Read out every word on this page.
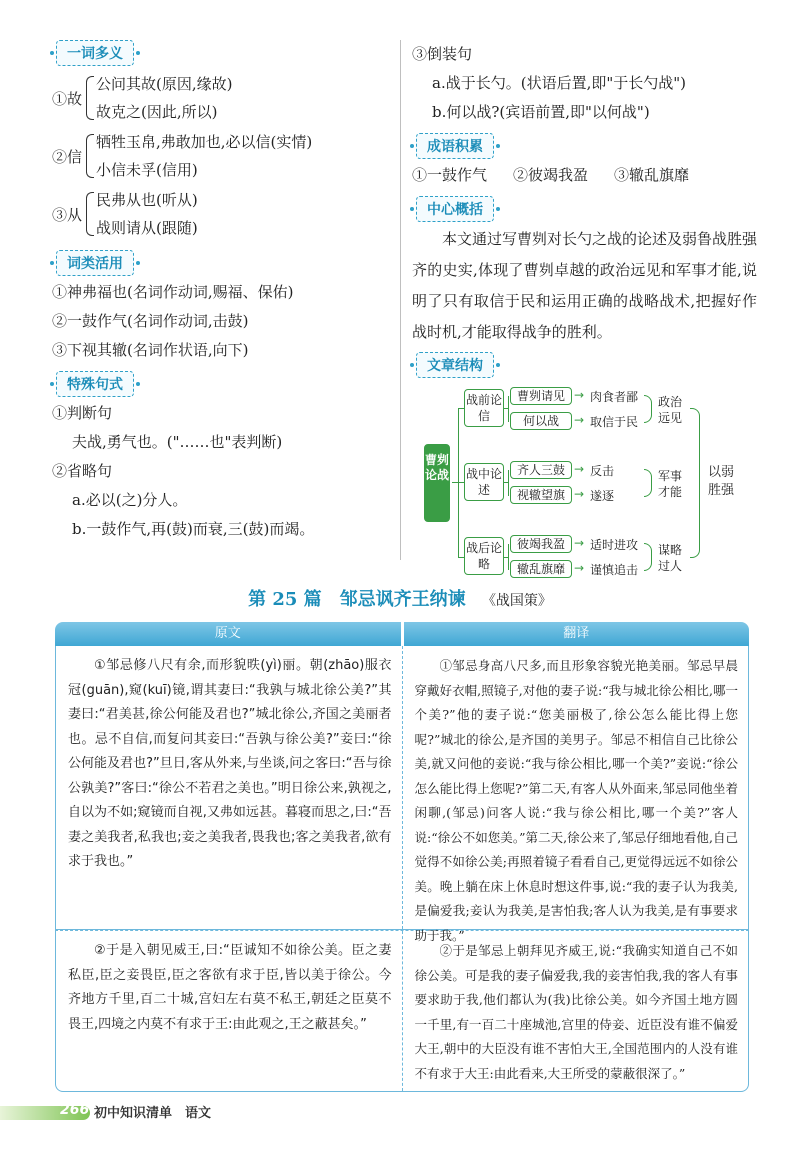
一词多义
①故
公问其故(原因,缘故)
故克之(因此,所以)
②信
牺牲玉帛,弗敢加也,必以信(实情)
小信未孚(信用)
③从
民弗从也(听从)
战则请从(跟随)
词类活用
①神弗福也(名词作动词,赐福、保佑)
②一鼓作气(名词作动词,击鼓)
③下视其辙(名词作状语,向下)
特殊句式
①判断句
夫战,勇气也。("……也"表判断)
②省略句
a.必以(之)分人。
b.一鼓作气,再(鼓)而衰,三(鼓)而竭。
③倒装句
a.战于长勺。(状语后置,即"于长勺战")
b.何以战?(宾语前置,即"以何战")
成语积累
①一鼓作气 ②彼竭我盈 ③辙乱旗靡
中心概括
本文通过写曹刿对长勺之战的论述及弱鲁战胜强齐的史实,体现了曹刿卓越的政治远见和军事才能,说明了只有取信于民和运用正确的战略战术,把握好作战时机,才能取得战争的胜利。
文章结构
曹刿论战
战前论信
战中论述
战后论略
曹刿请见
何以战
齐人三鼓
视辙望旗
彼竭我盈
辙乱旗靡
→
→
→
→
→
→
肉食者鄙
取信于民
反击
遂逐
适时进攻
谨慎追击
政治远见
军事才能
谋略过人
以弱胜强
第 25 篇　邹忌讽齐王纳谏 《战国策》
原文	翻译
①邹忌修八尺有余,而形貌昳(yì)丽。朝(zhāo)服衣冠(guān),窥(kuī)镜,谓其妻曰:“我孰与城北徐公美?”其妻曰:“君美甚,徐公何能及君也?”城北徐公,齐国之美丽者也。忌不自信,而复问其妾曰:“吾孰与徐公美?”妾曰:“徐公何能及君也?”旦日,客从外来,与坐谈,问之客曰:“吾与徐公孰美?”客曰:“徐公不若君之美也。”明日徐公来,孰视之,自以为不如;窥镜而自视,又弗如远甚。暮寝而思之,曰:“吾妻之美我者,私我也;妾之美我者,畏我也;客之美我者,欲有求于我也。”
①邹忌身高八尺多,而且形象容貌光艳美丽。邹忌早晨穿戴好衣帽,照镜子,对他的妻子说:“我与城北徐公相比,哪一个美?”他的妻子说:“您美丽极了,徐公怎么能比得上您呢?”城北的徐公,是齐国的美男子。邹忌不相信自己比徐公美,就又问他的妾说:“我与徐公相比,哪一个美?”妾说:“徐公怎么能比得上您呢?”第二天,有客人从外面来,邹忌同他坐着闲聊,(邹忌)问客人说:“我与徐公相比,哪一个美?”客人说:“徐公不如您美。”第二天,徐公来了,邹忌仔细地看他,自己觉得不如徐公美;再照着镜子看看自己,更觉得远远不如徐公美。晚上躺在床上休息时想这件事,说:“我的妻子认为我美,是偏爱我;妾认为我美,是害怕我;客人认为我美,是有事要求助于我。”
②于是入朝见威王,曰:“臣诚知不如徐公美。臣之妻私臣,臣之妾畏臣,臣之客欲有求于臣,皆以美于徐公。今齐地方千里,百二十城,宫妇左右莫不私王,朝廷之臣莫不畏王,四境之内莫不有求于王:由此观之,王之蔽甚矣。”
②于是邹忌上朝拜见齐威王,说:“我确实知道自己不如徐公美。可是我的妻子偏爱我,我的妾害怕我,我的客人有事要求助于我,他们都认为(我)比徐公美。如今齐国土地方圆一千里,有一百二十座城池,宫里的侍妾、近臣没有谁不偏爱大王,朝中的大臣没有谁不害怕大王,全国范围内的人没有谁不有求于大王:由此看来,大王所受的蒙蔽很深了。”
266 初中知识清单　语文
